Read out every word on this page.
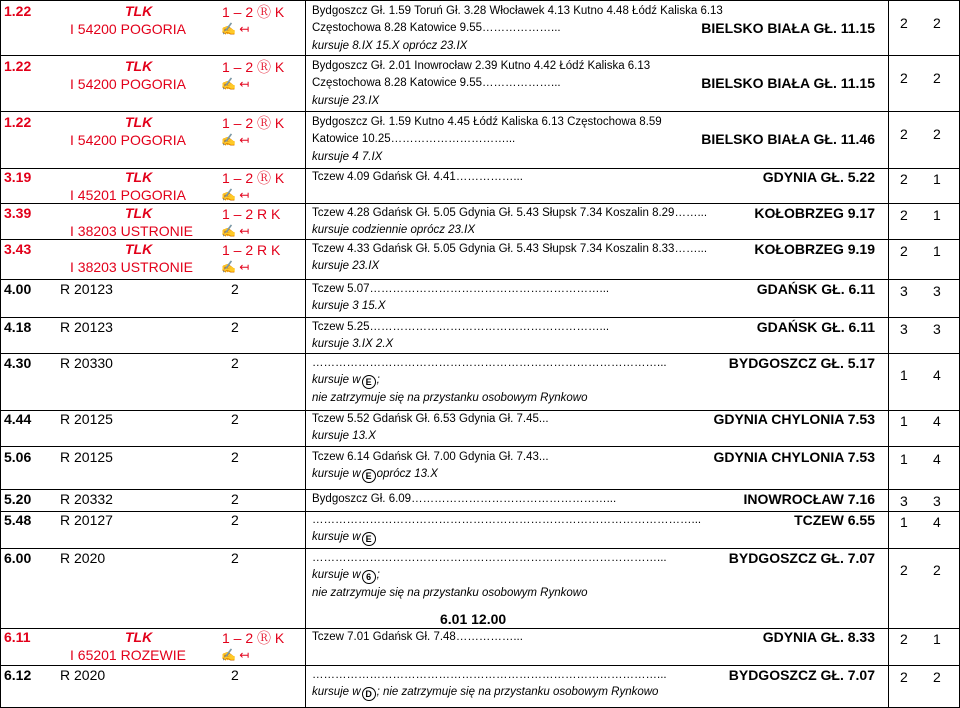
1.22	TLK
I 54200 POGORIA
1 – 2 Ⓡ K
✍ ↤
Bydgoszcz Gł. 1.59 Toruń Gł. 3.28 Włocławek 4.13 Kutno 4.48 Łódź Kaliska 6.13
Częstochowa 8.28 Katowice 9.55………………...	BIELSKO BIAŁA GŁ. 11.15
kursuje 8.IX 15.X oprócz 23.IX
2 2
1.22	TLK
I 54200 POGORIA
1 – 2 Ⓡ K
✍ ↤
Bydgoszcz Gł. 2.01 Inowrocław 2.39 Kutno 4.42 Łódź Kaliska 6.13
Częstochowa 8.28 Katowice 9.55………………...	BIELSKO BIAŁA GŁ. 11.15
kursuje 23.IX
2 2
1.22	TLK
I 54200 POGORIA
1 – 2 Ⓡ K
✍ ↤
Bydgoszcz Gł. 1.59 Kutno 4.45 Łódź Kaliska 6.13 Częstochowa 8.59
Katowice 10.25…………………………...	BIELSKO BIAŁA GŁ. 11.46
kursuje 4 7.IX
2 2
3.19	TLK
I 45201 POGORIA
1 – 2 Ⓡ K
✍ ↤
Tczew 4.09 Gdańsk Gł. 4.41……………...	GDYNIA GŁ. 5.22 2 1
3.39	TLK
I 38203 USTRONIE
1 – 2 R K
✍ ↤
Tczew 4.28 Gdańsk Gł. 5.05 Gdynia Gł. 5.43 Słupsk 7.34 Koszalin 8.29……...	KOŁOBRZEG 9.17
kursuje codziennie oprócz 23.IX
2 1
3.43	TLK
I 38203 USTRONIE
1 – 2 R K
✍ ↤
Tczew 4.33 Gdańsk Gł. 5.05 Gdynia Gł. 5.43 Słupsk 7.34 Koszalin 8.33……...	KOŁOBRZEG 9.19
kursuje 23.IX
2 1
4.00 R 20123	2	Tczew 5.07……………………………………………………...	GDAŃSK GŁ. 6.11
kursuje 3 15.X
3 3
4.18 R 20123	2	Tczew 5.25……………………………………………………...	GDAŃSK GŁ. 6.11
kursuje 3.IX 2.X
3 3
4.30 R 20330	2	………………………………………………………………………………...	BYDGOSZCZ GŁ. 5.17
kursuje w E ;
nie zatrzymuje się na przystanku osobowym Rynkowo
1 4
4.44 R 20125	2	Tczew 5.52 Gdańsk Gł. 6.53 Gdynia Gł. 7.45...	GDYNIA CHYLONIA 7.53
kursuje 13.X
1 4
5.06 R 20125	2	Tczew 6.14 Gdańsk Gł. 7.00 Gdynia Gł. 7.43...	GDYNIA CHYLONIA 7.53
kursuje w E oprócz 13.X
1 4
5.20 R 20332	2	Bydgoszcz Gł. 6.09……………………………………………...	INOWROCŁAW 7.16 3 3
5.48 R 20127	2	………………………………………………………………………………………...	TCZEW 6.55
kursuje w E
1 4
6.00 R 2020	2	………………………………………………………………………………...	BYDGOSZCZ GŁ. 7.07
kursuje w 6 ;
nie zatrzymuje się na przystanku osobowym Rynkowo
2 2
6.11	TLK
I 65201 ROZEWIE
1 – 2 Ⓡ K
✍ ↤
Tczew 7.01 Gdańsk Gł. 7.48……………...	GDYNIA GŁ. 8.33 2 1
6.12 R 2020	2	………………………………………………………………………………...	BYDGOSZCZ GŁ. 7.07
kursuje w D ; nie zatrzymuje się na przystanku osobowym Rynkowo
2 2
6.01 12.00
